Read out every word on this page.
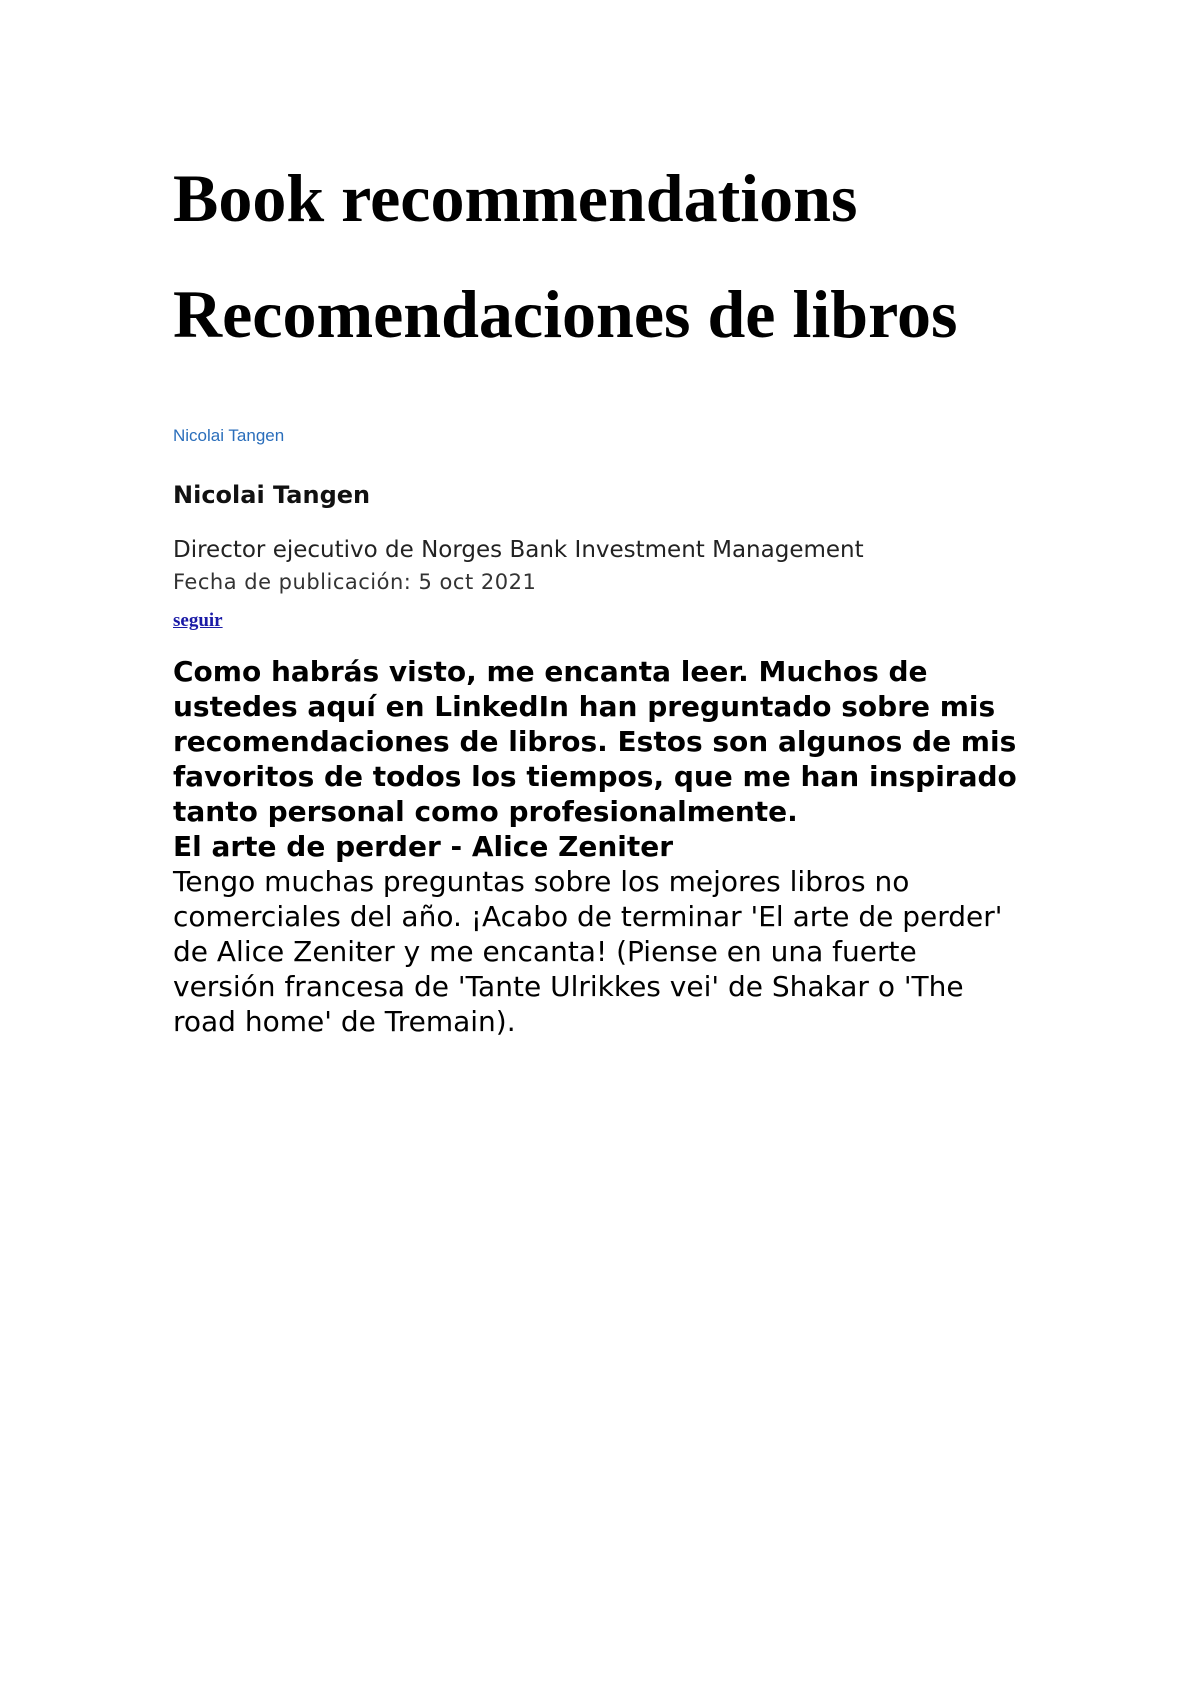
Book recommendations
Recomendaciones de libros
Nicolai Tangen
Nicolai Tangen
Director ejecutivo de Norges Bank Investment Management
Fecha de publicación: 5 oct 2021
seguir

Como habrás visto, me encanta leer. Muchos de ustedes aquí en LinkedIn han preguntado sobre mis recomendaciones de libros. Estos son algunos de mis favoritos de todos los tiempos, que me han inspirado tanto personal como profesionalmente.

El arte de perder - Alice Zeniter

Tengo muchas preguntas sobre los mejores libros no comerciales del año. ¡Acabo de terminar 'El arte de perder' de Alice Zeniter y me encanta! (Piense en una fuerte versión francesa de 'Tante Ulrikkes vei' de Shakar o 'The road home' de Tremain).
